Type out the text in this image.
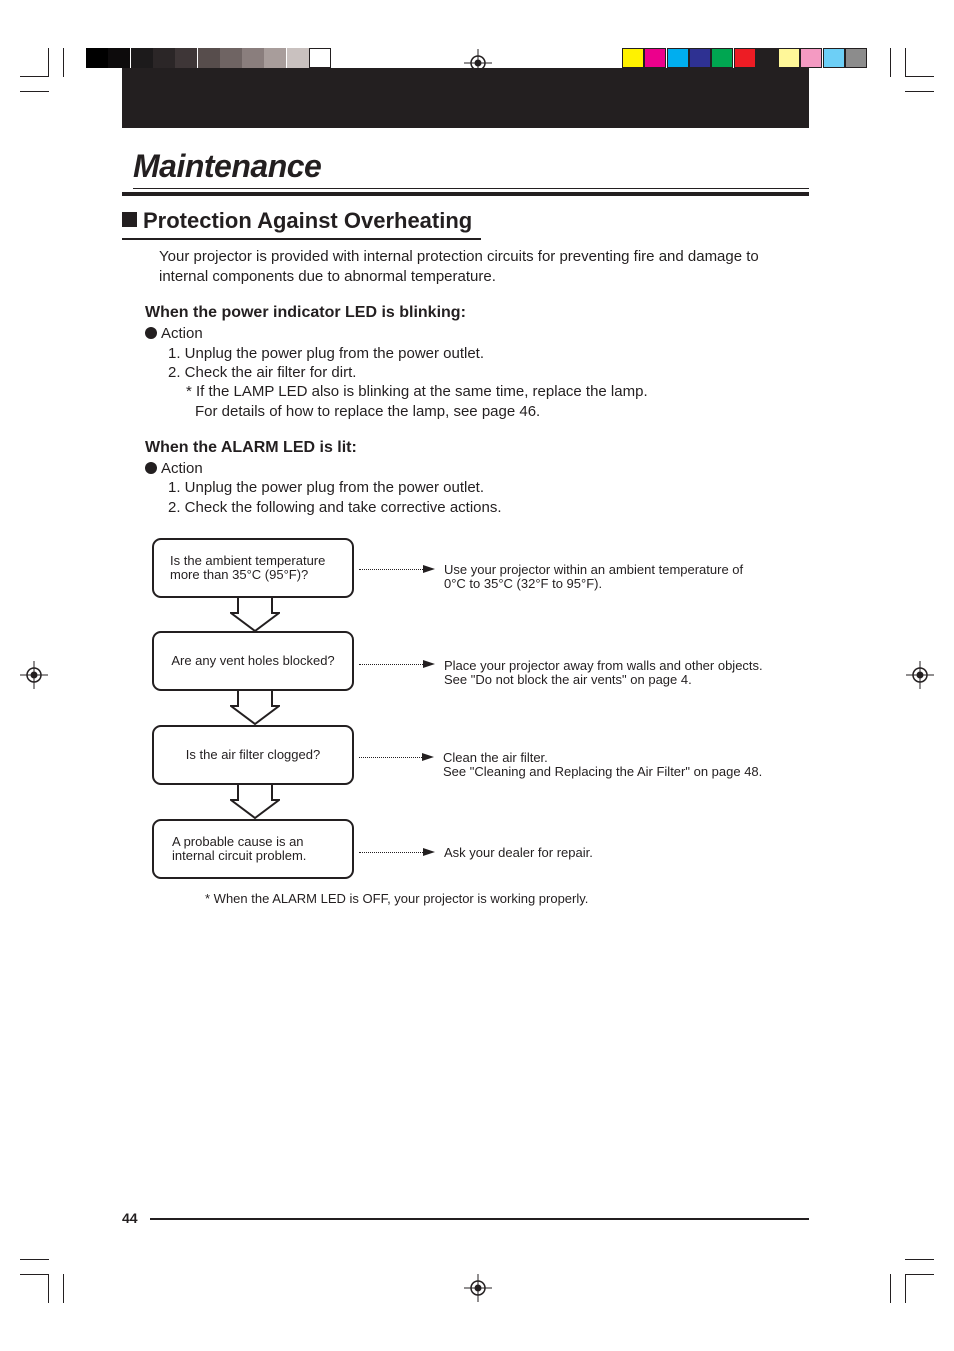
Maintenance
Protection Against Overheating
Your projector is provided with internal protection circuits for preventing fire and damage to
internal components due to abnormal temperature.
When the power indicator LED is blinking:
Action
1. Unplug the power plug from the power outlet.
2. Check the air filter for dirt.
* If the LAMP LED also is blinking at the same time, replace the lamp.
For details of how to replace the lamp, see page 46.
When the ALARM LED is lit:
Action
1. Unplug the power plug from the power outlet.
2. Check the following and take corrective actions.
Is the ambient temperature
more than 35°C (95°F)?	Use your projector within an ambient temperature of
0°C to 35°C (32°F to 95°F).
Are any vent holes blocked?	Place your projector away from walls and other objects.
See "Do not block the air vents" on page 4.
Is the air filter clogged?	Clean the air filter.
See "Cleaning and Replacing the Air Filter" on page 48.
A probable cause is an
internal circuit problem.	Ask your dealer for repair.
* When the ALARM LED is OFF, your projector is working properly.
44
